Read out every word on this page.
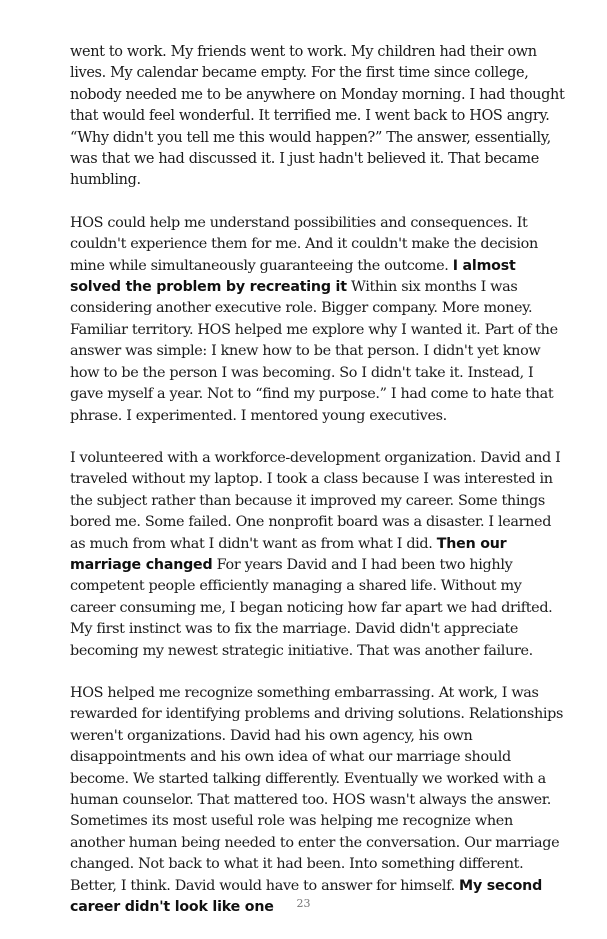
went to work. My friends went to work. My children had their own lives. My calendar became empty. For the first time since college, nobody needed me to be anywhere on Monday morning. I had thought that would feel wonderful. It terrified me. I went back to HOS angry. “Why didn't you tell me this would happen?” The answer, essentially, was that we had discussed it. I just hadn't believed it. That became humbling.

HOS could help me understand possibilities and consequences. It couldn't experience them for me. And it couldn't make the decision mine while simultaneously guaranteeing the outcome. I almost solved the problem by recreating it Within six months I was considering another executive role. Bigger company. More money. Familiar territory. HOS helped me explore why I wanted it. Part of the answer was simple: I knew how to be that person. I didn't yet know how to be the person I was becoming. So I didn't take it. Instead, I gave myself a year. Not to “find my purpose.” I had come to hate that phrase. I experimented. I mentored young executives.

I volunteered with a workforce-development organization. David and I traveled without my laptop. I took a class because I was interested in the subject rather than because it improved my career. Some things bored me. Some failed. One nonprofit board was a disaster. I learned as much from what I didn't want as from what I did. Then our marriage changed For years David and I had been two highly competent people efficiently managing a shared life. Without my career consuming me, I began noticing how far apart we had drifted. My first instinct was to fix the marriage. David didn't appreciate becoming my newest strategic initiative. That was another failure.

HOS helped me recognize something embarrassing. At work, I was rewarded for identifying problems and driving solutions. Relationships weren't organizations. David had his own agency, his own disappointments and his own idea of what our marriage should become. We started talking differently. Eventually we worked with a human counselor. That mattered too. HOS wasn't always the answer. Sometimes its most useful role was helping me recognize when another human being needed to enter the conversation. Our marriage changed. Not back to what it had been. Into something different. Better, I think. David would have to answer for himself. My second career didn't look like one	23
